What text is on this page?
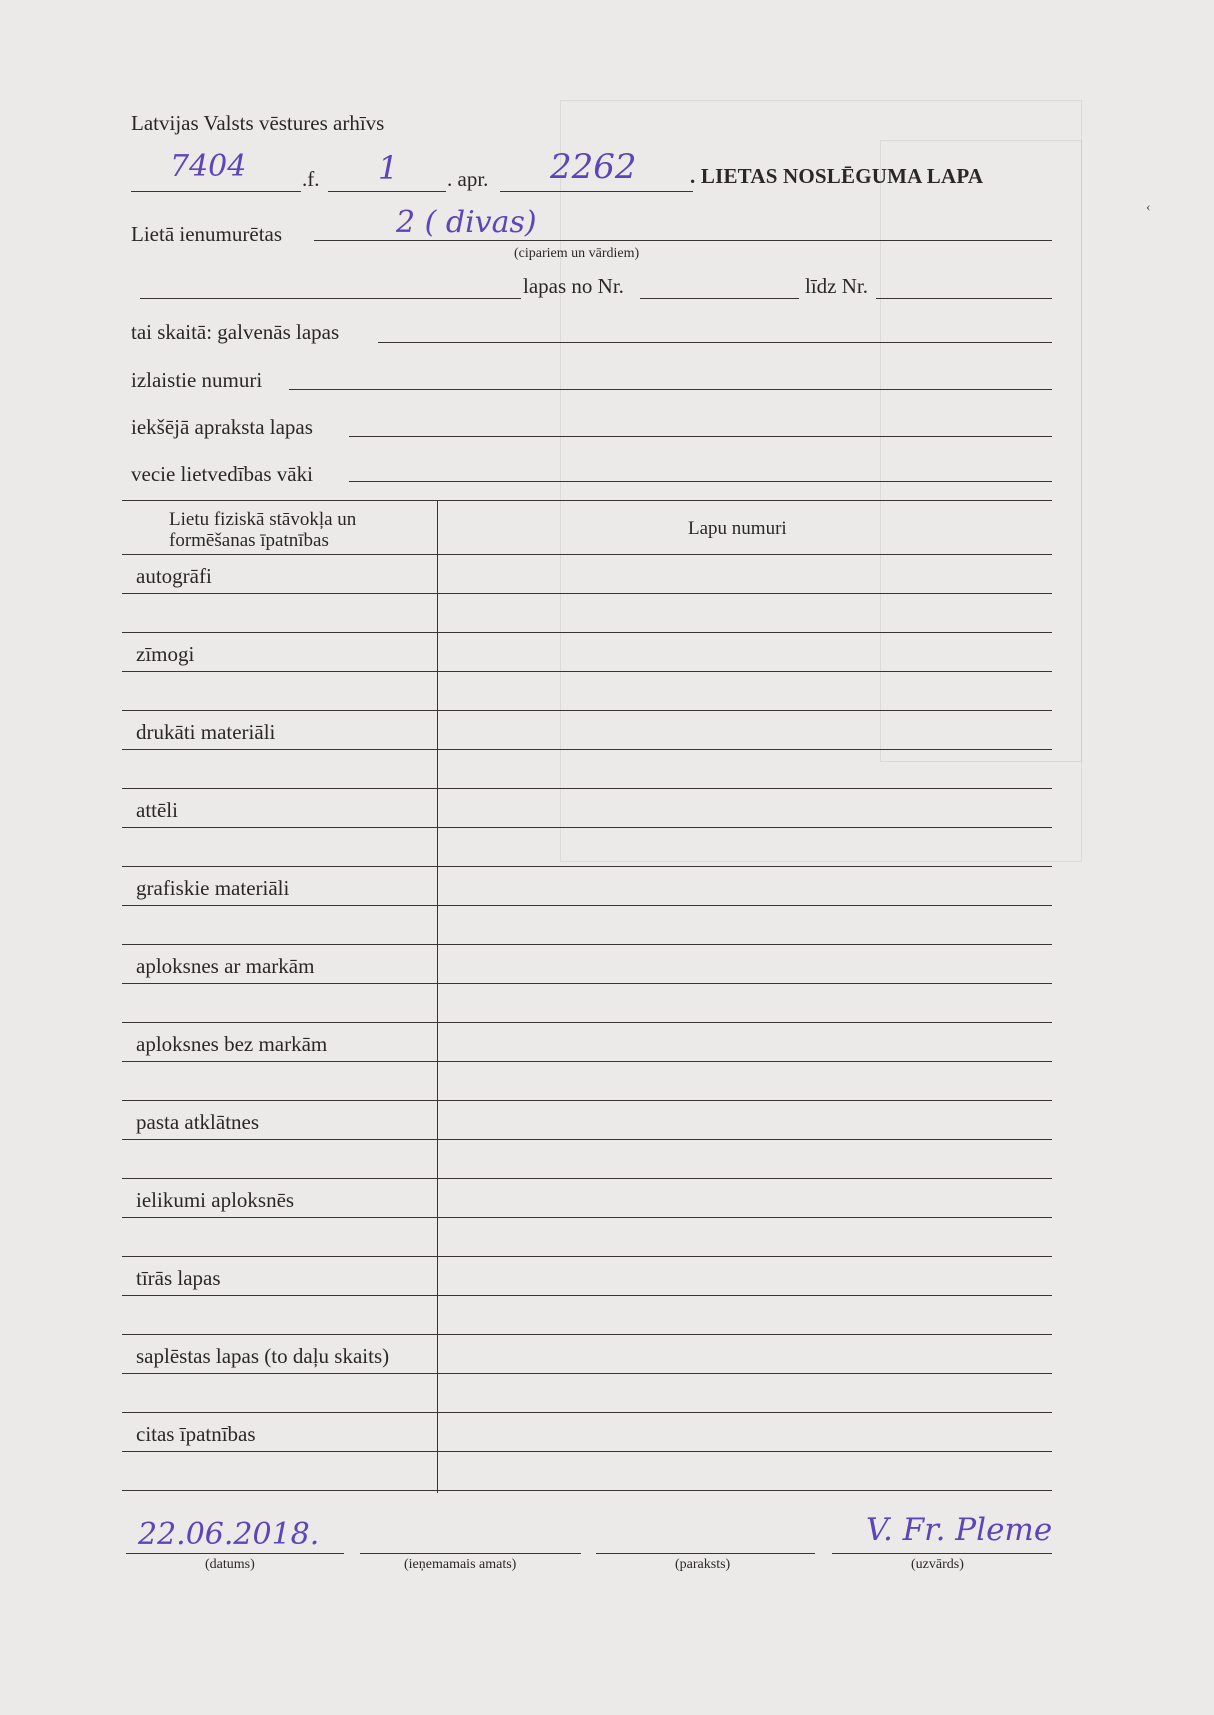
Latvijas Valsts vēstures arhīvs
7404	.f. 1 . apr. 2262	. LIETAS NOSLĒGUMA LAPA
Lietā ienumurētas	2 ( divas)
(cipariem un vārdiem)
lapas no Nr.	līdz Nr.
tai skaitā: galvenās lapas
izlaistie numuri
iekšējā apraksta lapas
vecie lietvedības vāki
Lietu fiziskā stāvokļa un
formēšanas īpatnības
Lapu numuri
autogrāfi
zīmogi
drukāti materiāli
attēli
grafiskie materiāli
aploksnes ar markām
aploksnes bez markām
pasta atklātnes
ielikumi aploksnēs
tīrās lapas
saplēstas lapas (to daļu skaits)
citas īpatnības
22.06.2018.
(datums)	(ieņemamais amats)	(paraksts)
V. Fr. Pleme
(uzvārds)
‹
